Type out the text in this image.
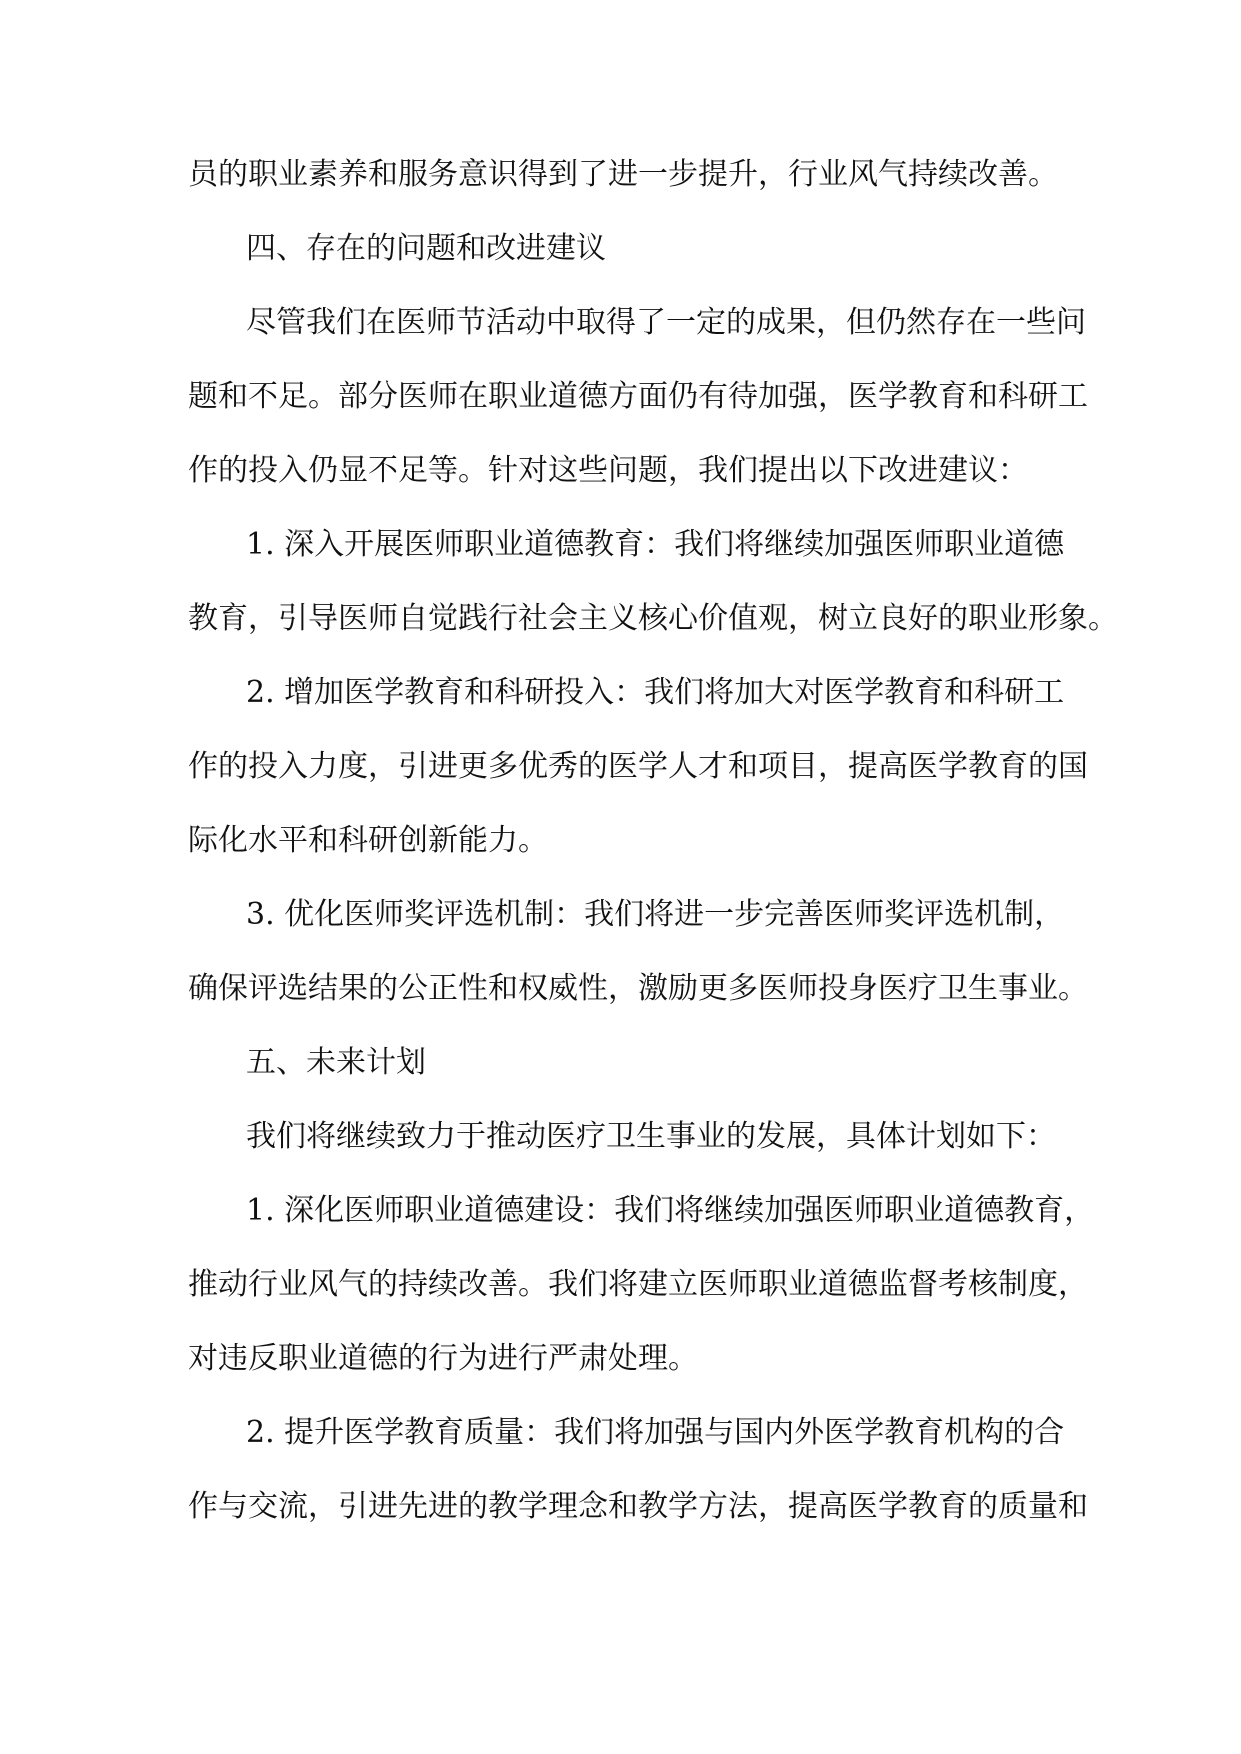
员的职业素养和服务意识得到了进一步提升，行业风气持续改善。
四、存在的问题和改进建议
尽管我们在医师节活动中取得了一定的成果，但仍然存在一些问
题和不足。部分医师在职业道德方面仍有待加强，医学教育和科研工
作的投入仍显不足等。针对这些问题，我们提出以下改进建议：
1. 深入开展医师职业道德教育：我们将继续加强医师职业道德
教育，引导医师自觉践行社会主义核心价值观，树立良好的职业形象。
2. 增加医学教育和科研投入：我们将加大对医学教育和科研工
作的投入力度，引进更多优秀的医学人才和项目，提高医学教育的国
际化水平和科研创新能力。
3. 优化医师奖评选机制：我们将进一步完善医师奖评选机制，
确保评选结果的公正性和权威性，激励更多医师投身医疗卫生事业。
五、未来计划
我们将继续致力于推动医疗卫生事业的发展，具体计划如下：
1. 深化医师职业道德建设：我们将继续加强医师职业道德教育，
推动行业风气的持续改善。我们将建立医师职业道德监督考核制度，
对违反职业道德的行为进行严肃处理。
2. 提升医学教育质量：我们将加强与国内外医学教育机构的合
作与交流，引进先进的教学理念和教学方法，提高医学教育的质量和
